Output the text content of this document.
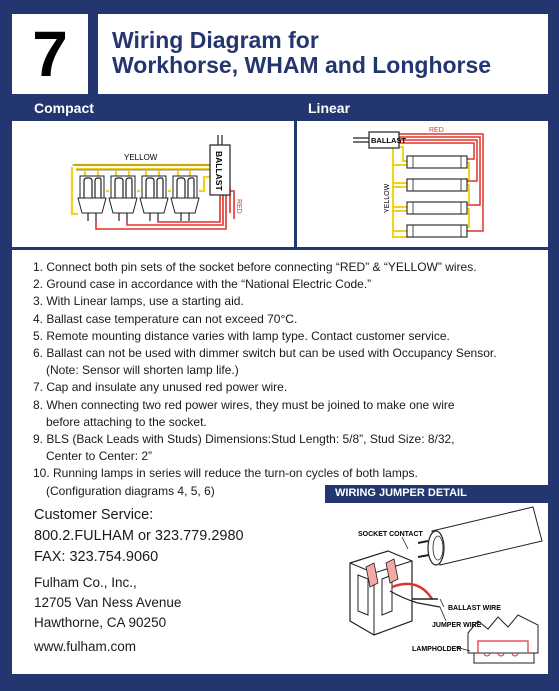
7	Wiring Diagram for
Workhorse, WHAM and Longhorse
Compact	Linear
BALLAST
YELLOW
RED
BALLAST
RED
YELLOW
1. Connect both pin sets of the socket before connecting “RED” & “YELLOW” wires.
2. Ground case in accordance with the “National Electric Code.”
3. With Linear lamps, use a starting aid.
4. Ballast case temperature can not exceed 70°C.
5. Remote mounting distance varies with lamp type. Contact customer service.
6. Ballast can not be used with dimmer switch but can be used with Occupancy Sensor.
(Note: Sensor will shorten lamp life.)
7. Cap and insulate any unused red power wire.
8. When connecting two red power wires, they must be joined to make one wire
before attaching to the socket.
9. BLS (Back Leads with Studs) Dimensions:Stud Length: 5/8”, Stud Size: 8/32,
Center to Center: 2”
10. Running lamps in series will reduce the turn-on cycles of both lamps.
(Configuration diagrams 4, 5, 6)
Customer Service:
800.2.FULHAM or 323.779.2980
FAX: 323.754.9060
Fulham Co., Inc.,
12705 Van Ness Avenue
Hawthorne, CA 90250
www.fulham.com
WIRING JUMPER DETAIL
SOCKET CONTACT
BALLAST WIRE
JUMPER WIRE
LAMPHOLDER
